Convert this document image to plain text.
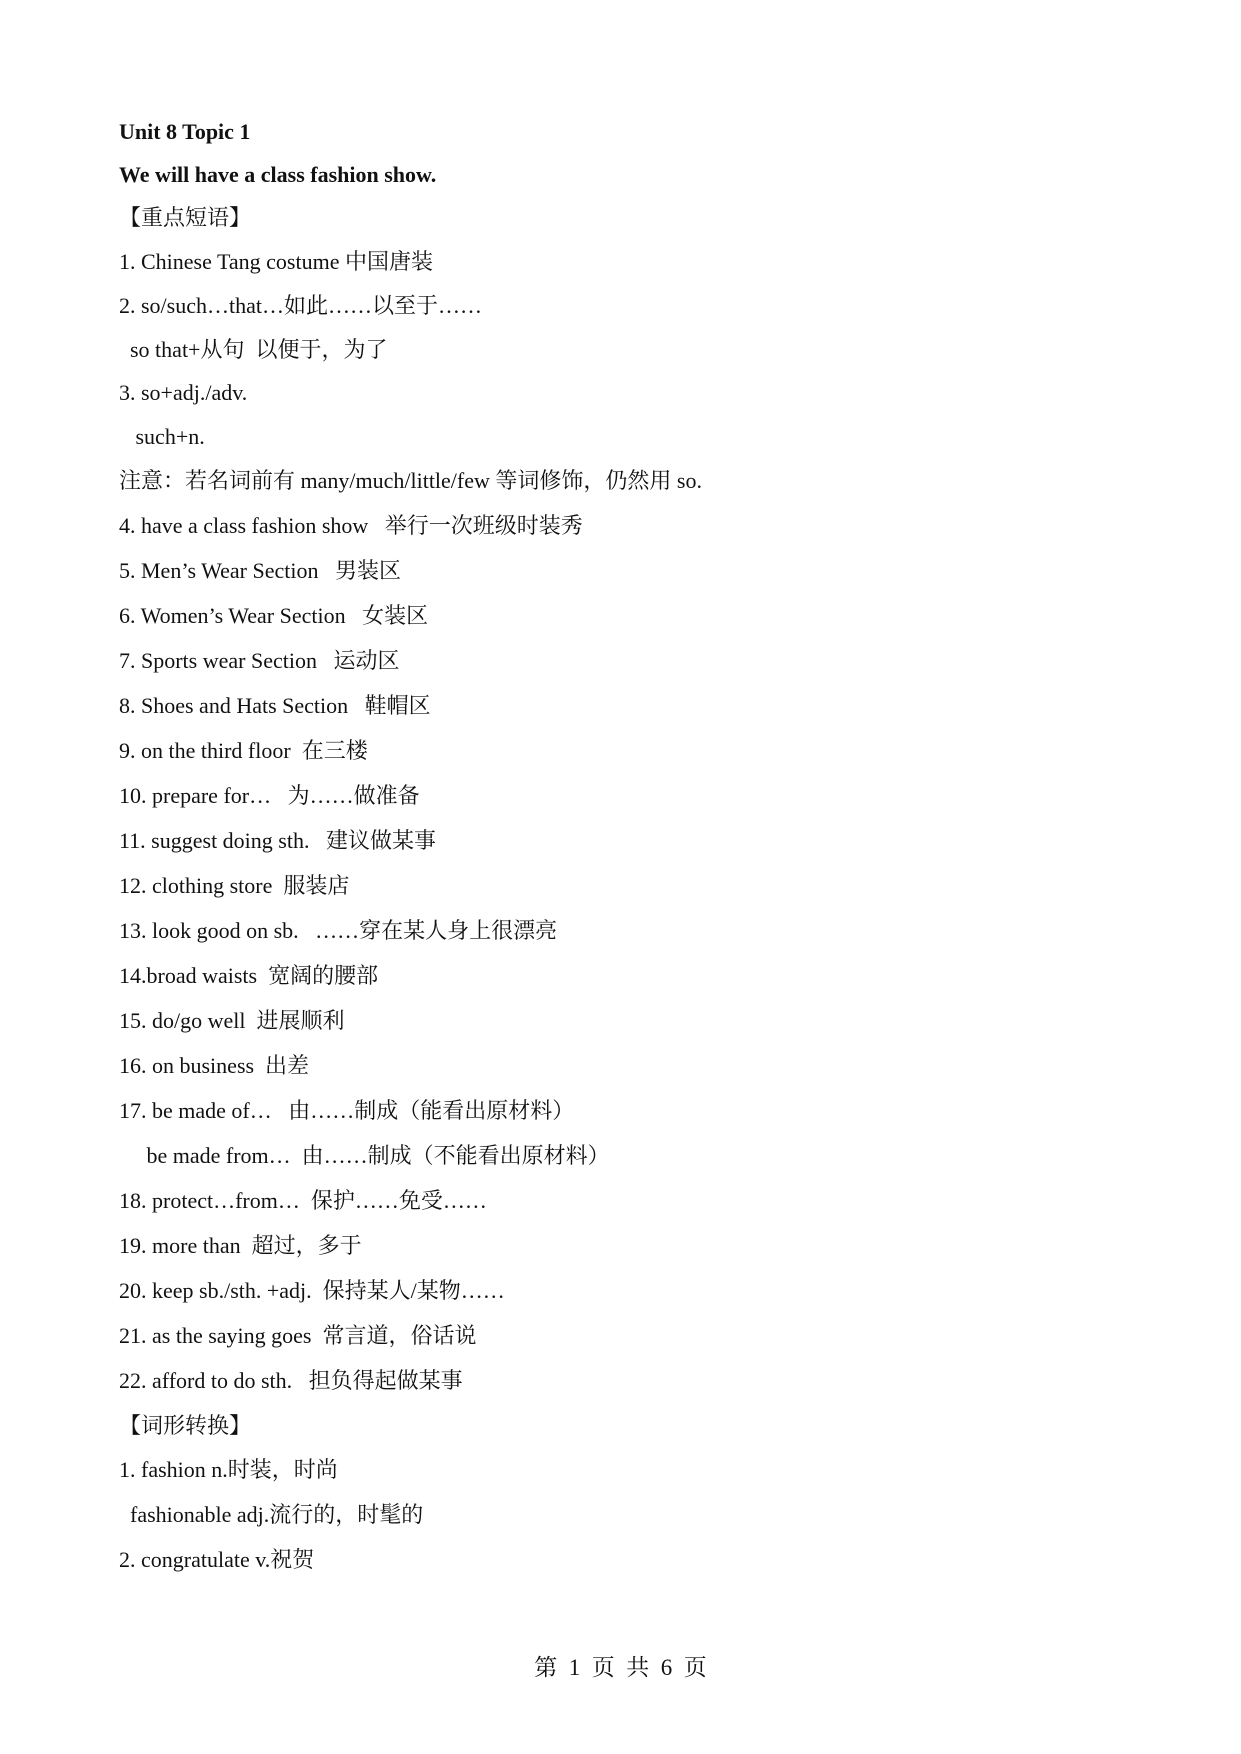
Unit 8 Topic 1
We will have a class fashion show.
【重点短语】
1. Chinese Tang costume 中国唐装
2. so/such…that…如此……以至于……
so that+从句  以便于，为了
3. so+adj./adv.
such+n.
注意：若名词前有 many/much/little/few 等词修饰，仍然用 so.
4. have a class fashion show   举行一次班级时装秀
5. Men’s Wear Section   男装区
6. Women’s Wear Section   女装区
7. Sports wear Section   运动区
8. Shoes and Hats Section   鞋帽区
9. on the third floor  在三楼
10. prepare for…   为……做准备
11. suggest doing sth.   建议做某事
12. clothing store  服装店
13. look good on sb.   ……穿在某人身上很漂亮
14.broad waists  宽阔的腰部
15. do/go well  进展顺利
16. on business  出差
17. be made of…   由……制成（能看出原材料）
be made from…  由……制成（不能看出原材料）
18. protect…from…  保护……免受……
19. more than  超过，多于
20. keep sb./sth. +adj.  保持某人/某物……
21. as the saying goes  常言道，俗话说
22. afford to do sth.   担负得起做某事
【词形转换】
1. fashion n.时装，时尚
fashionable adj.流行的，时髦的
2. congratulate v.祝贺
第  1  页  共  6  页
